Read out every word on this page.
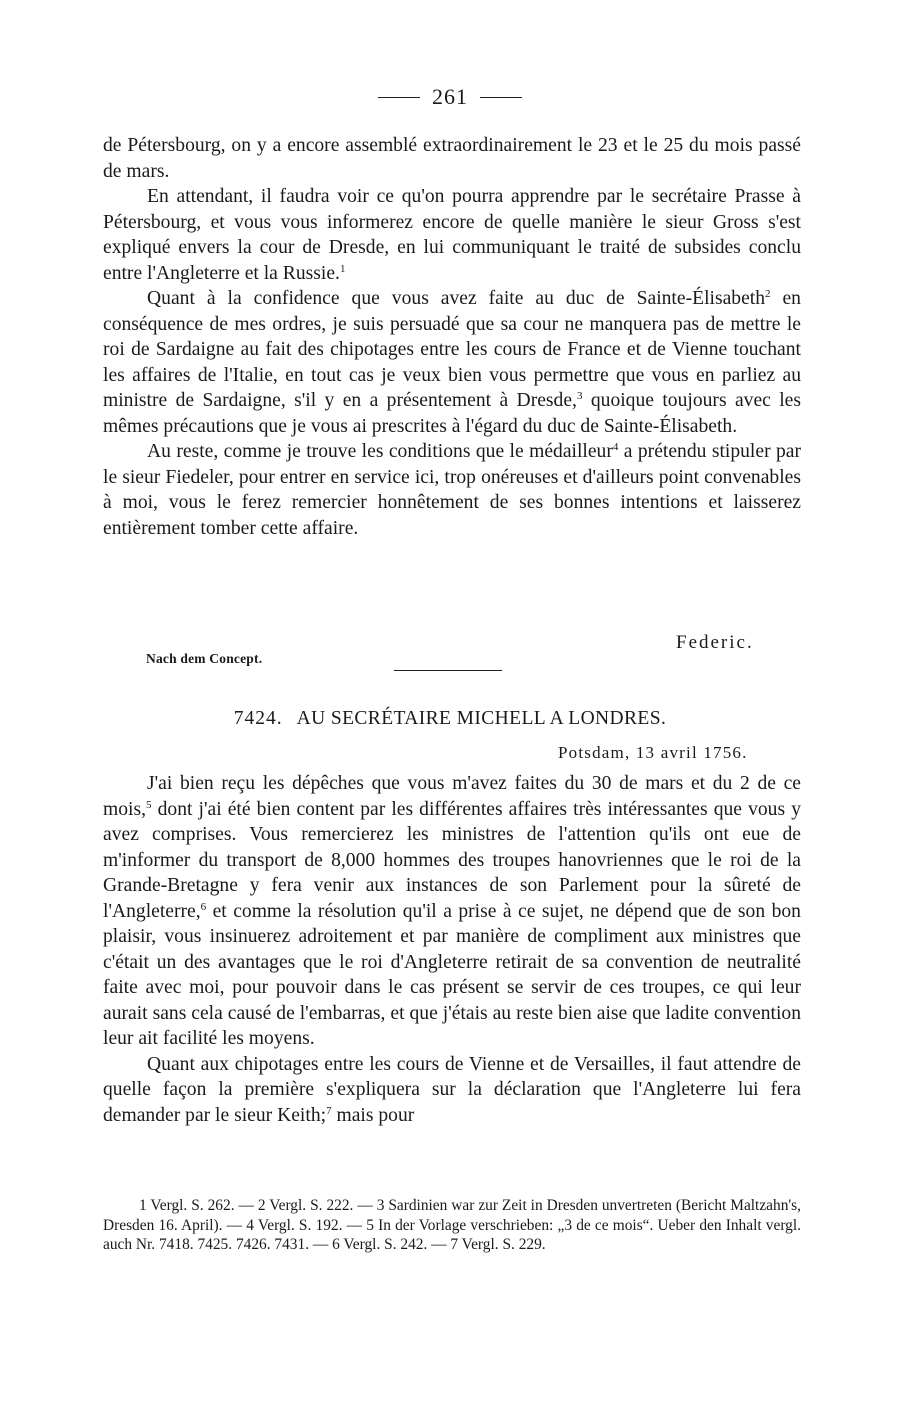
261

de Pétersbourg, on y a encore assemblé extraordinairement le 23 et le 25 du mois passé de mars.

En attendant, il faudra voir ce qu'on pourra apprendre par le secrétaire Prasse à Pétersbourg, et vous vous informerez encore de quelle manière le sieur Gross s'est expliqué envers la cour de Dresde, en lui communiquant le traité de subsides conclu entre l'Angleterre et la Russie.$^1$

Quant à la confidence que vous avez faite au duc de Sainte-Élisabeth$^2$ en conséquence de mes ordres, je suis persuadé que sa cour ne manquera pas de mettre le roi de Sardaigne au fait des chipotages entre les cours de France et de Vienne touchant les affaires de l'Italie, en tout cas je veux bien vous permettre que vous en parliez au ministre de Sardaigne, s'il y en a présentement à Dresde,$^3$ quoique toujours avec les mêmes précautions que je vous ai prescrites à l'égard du duc de Sainte-Élisabeth.

Au reste, comme je trouve les conditions que le médailleur$^4$ a prétendu stipuler par le sieur Fiedeler, pour entrer en service ici, trop onéreuses et d'ailleurs point convenables à moi, vous le ferez remercier honnêtement de ses bonnes intentions et laisserez entièrement tomber cette affaire.

Federic.
Nach dem Concept.
7424. AU SECRÉTAIRE MICHELL A LONDRES.
Potsdam, 13 avril 1756.

J'ai bien reçu les dépêches que vous m'avez faites du 30 de mars et du 2 de ce mois,$^5$ dont j'ai été bien content par les différentes affaires très intéressantes que vous y avez comprises. Vous remercierez les ministres de l'attention qu'ils ont eue de m'informer du transport de 8,000 hommes des troupes hanovriennes que le roi de la Grande-Bretagne y fera venir aux instances de son Parlement pour la sûreté de l'Angleterre,$^6$ et comme la résolution qu'il a prise à ce sujet, ne dépend que de son bon plaisir, vous insinuerez adroitement et par manière de compliment aux ministres que c'était un des avantages que le roi d'Angleterre retirait de sa convention de neutralité faite avec moi, pour pouvoir dans le cas présent se servir de ces troupes, ce qui leur aurait sans cela causé de l'embarras, et que j'étais au reste bien aise que ladite convention leur ait facilité les moyens.

Quant aux chipotages entre les cours de Vienne et de Versailles, il faut attendre de quelle façon la première s'expliquera sur la déclaration que l'Angleterre lui fera demander par le sieur Keith;$^7$ mais pour

1 Vergl. S. 262. — 2 Vergl. S. 222. — 3 Sardinien war zur Zeit in Dresden unvertreten (Bericht Maltzahn's, Dresden 16. April). — 4 Vergl. S. 192. — 5 In der Vorlage verschrieben: „3 de ce mois“. Ueber den Inhalt vergl. auch Nr. 7418. 7425. 7426. 7431. — 6 Vergl. S. 242. — 7 Vergl. S. 229.
